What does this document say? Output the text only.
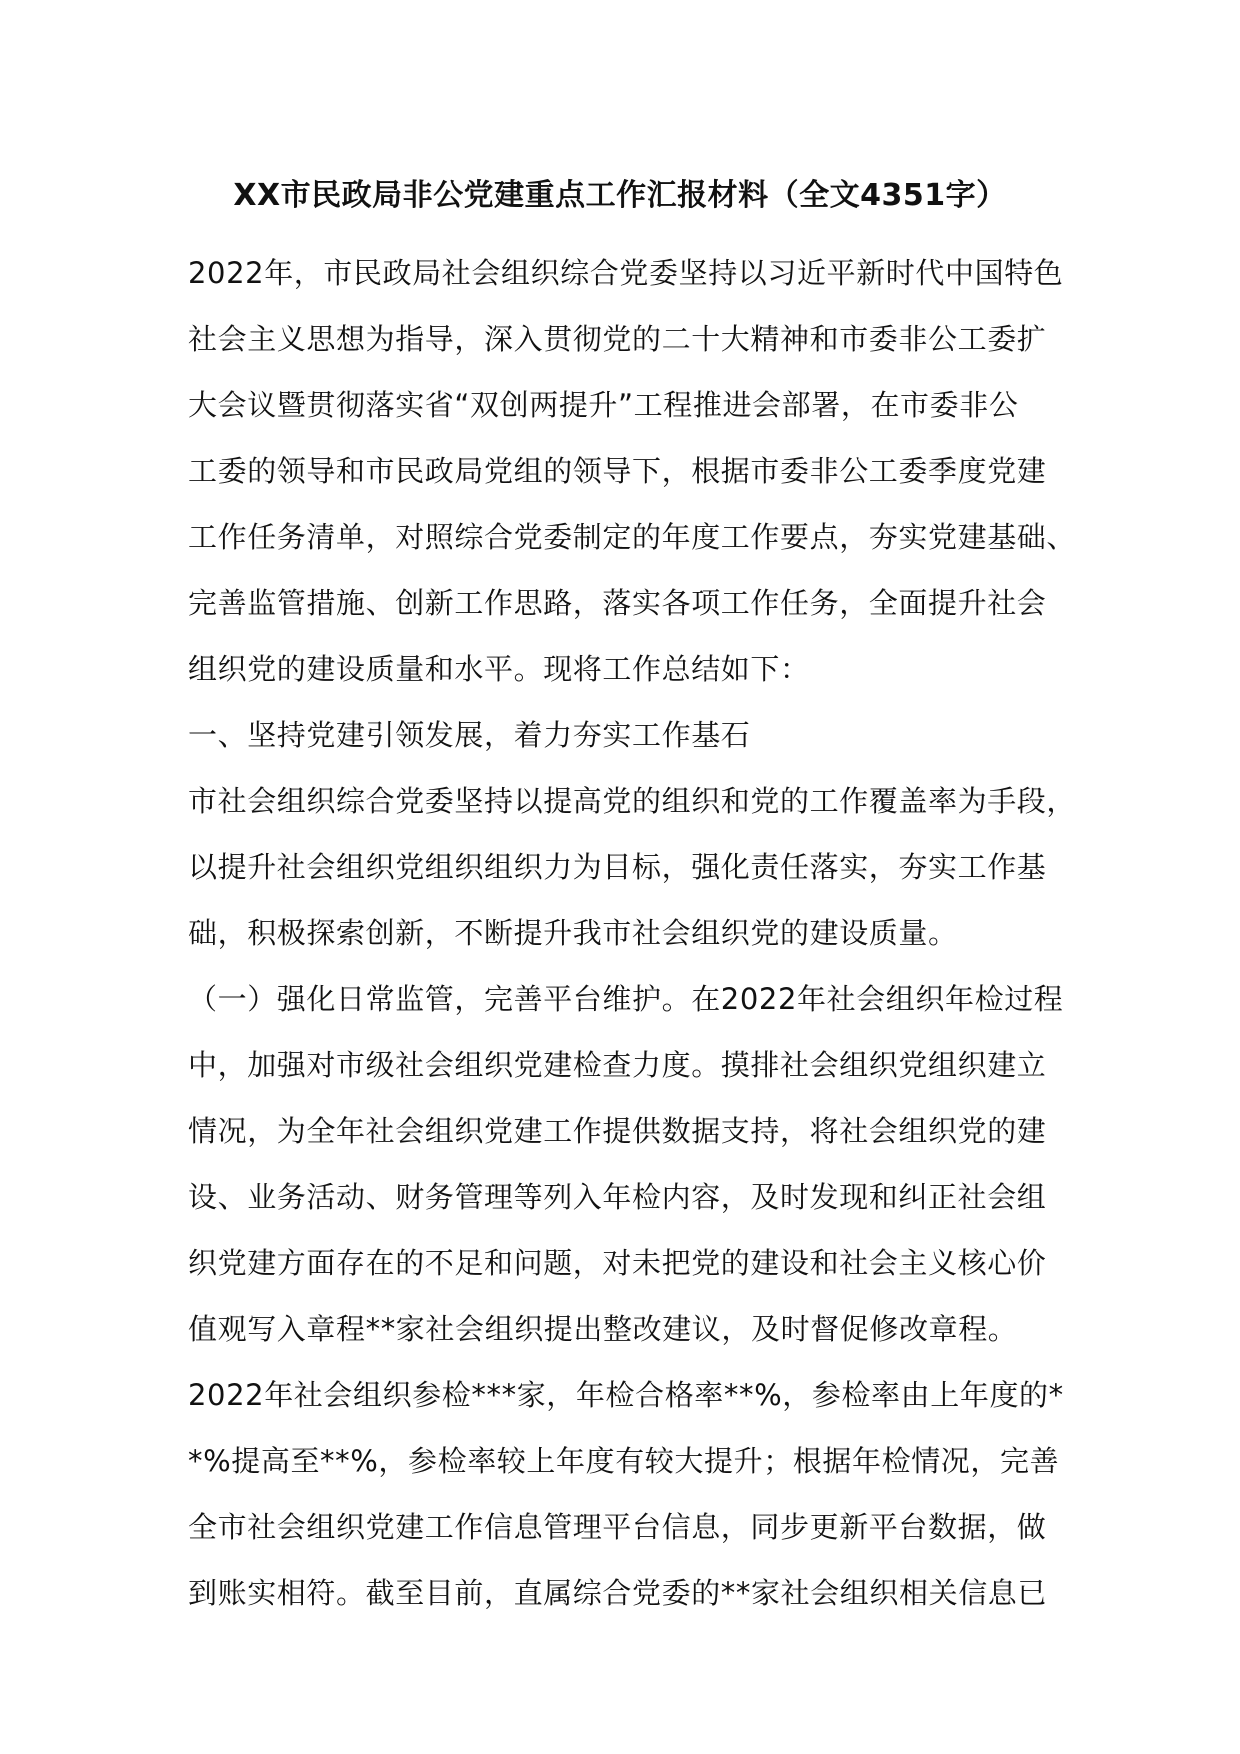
XX市民政局非公党建重点工作汇报材料（全文4351字）
2022年，市民政局社会组织综合党委坚持以习近平新时代中国特色
社会主义思想为指导，深入贯彻党的二十大精神和市委非公工委扩
大会议暨贯彻落实省“双创两提升”工程推进会部署，在市委非公
工委的领导和市民政局党组的领导下，根据市委非公工委季度党建
工作任务清单，对照综合党委制定的年度工作要点，夯实党建基础、
完善监管措施、创新工作思路，落实各项工作任务，全面提升社会
组织党的建设质量和水平。现将工作总结如下：
一、坚持党建引领发展，着力夯实工作基石
市社会组织综合党委坚持以提高党的组织和党的工作覆盖率为手段，
以提升社会组织党组织组织力为目标，强化责任落实，夯实工作基
础，积极探索创新，不断提升我市社会组织党的建设质量。
（一）强化日常监管，完善平台维护。在2022年社会组织年检过程
中，加强对市级社会组织党建检查力度。摸排社会组织党组织建立
情况，为全年社会组织党建工作提供数据支持，将社会组织党的建
设、业务活动、财务管理等列入年检内容，及时发现和纠正社会组
织党建方面存在的不足和问题，对未把党的建设和社会主义核心价
值观写入章程**家社会组织提出整改建议，及时督促修改章程。
2022年社会组织参检***家，年检合格率**%，参检率由上年度的*
*%提高至**%，参检率较上年度有较大提升；根据年检情况，完善
全市社会组织党建工作信息管理平台信息，同步更新平台数据，做
到账实相符。截至目前，直属综合党委的**家社会组织相关信息已
